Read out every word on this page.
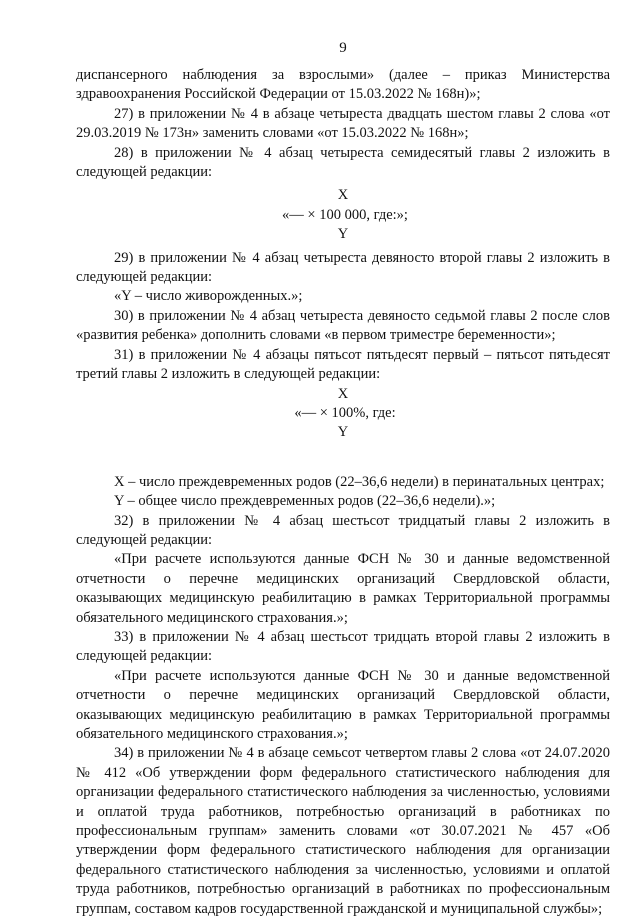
9

диспансерного наблюдения за взрослыми» (далее – приказ Министерства здравоохранения Российской Федерации от 15.03.2022 № 168н)»;

27) в приложении № 4 в абзаце четыреста двадцать шестом главы 2 слова «от 29.03.2019 № 173н» заменить словами «от 15.03.2022 № 168н»;

28) в приложении № 4 абзац четыреста семидесятый главы 2 изложить в следующей редакции:

X
«— × 100 000, где:»;
Y

29) в приложении № 4 абзац четыреста девяносто второй главы 2 изложить в следующей редакции:

«Y – число живорожденных.»;

30) в приложении № 4 абзац четыреста девяносто седьмой главы 2 после слов «развития ребенка» дополнить словами «в первом триместре беременности»;

31) в приложении № 4 абзацы пятьсот пятьдесят первый – пятьсот пятьдесят третий главы 2 изложить в следующей редакции:

X
«— × 100%, где:
Y

X – число преждевременных родов (22–36,6 недели) в перинатальных центрах;

Y – общее число преждевременных родов (22–36,6 недели).»;

32) в приложении № 4 абзац шестьсот тридцатый главы 2 изложить в следующей редакции:

«При расчете используются данные ФСН № 30 и данные ведомственной отчетности о перечне медицинских организаций Свердловской области, оказывающих медицинскую реабилитацию в рамках Территориальной программы обязательного медицинского страхования.»;

33) в приложении № 4 абзац шестьсот тридцать второй главы 2 изложить в следующей редакции:

«При расчете используются данные ФСН № 30 и данные ведомственной отчетности о перечне медицинских организаций Свердловской области, оказывающих медицинскую реабилитацию в рамках Территориальной программы обязательного медицинского страхования.»;

34) в приложении № 4 в абзаце семьсот четвертом главы 2 слова «от 24.07.2020 № 412 «Об утверждении форм федерального статистического наблюдения для организации федерального статистического наблюдения за численностью, условиями и оплатой труда работников, потребностью организаций в работниках по профессиональным группам» заменить словами «от 30.07.2021 № 457 «Об утверждении форм федерального статистического наблюдения для организации федерального статистического наблюдения за численностью, условиями и оплатой труда работников, потребностью организаций в работниках по профессиональным группам, составом кадров государственной гражданской и муниципальной службы»;
